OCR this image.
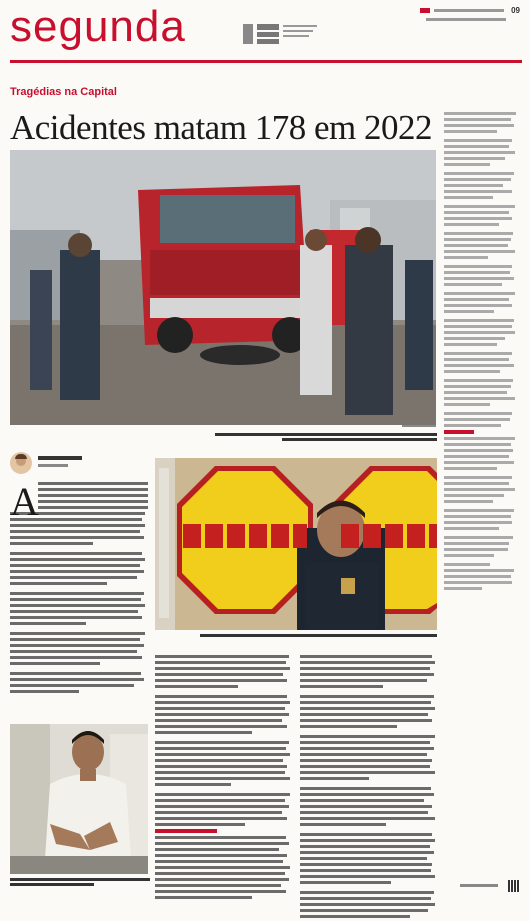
segunda	09
Tragédias na Capital
Acidentes matam 178 em 2022
A
